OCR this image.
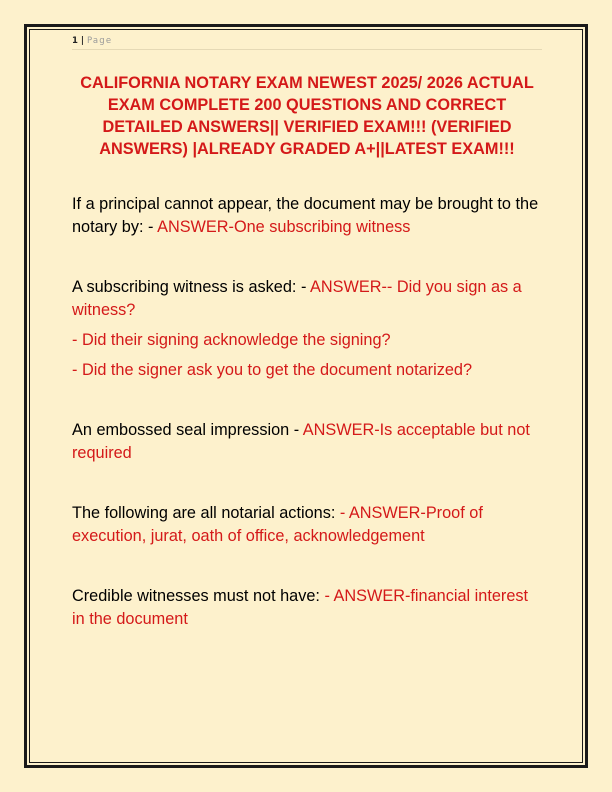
1 | Page
CALIFORNIA NOTARY EXAM NEWEST 2025/ 2026 ACTUAL EXAM COMPLETE 200 QUESTIONS AND CORRECT DETAILED ANSWERS|| VERIFIED EXAM!!! (VERIFIED ANSWERS) |ALREADY GRADED A+||LATEST EXAM!!!

If a principal cannot appear, the document may be brought to the notary by: - ANSWER-One subscribing witness

A subscribing witness is asked: - ANSWER-- Did you sign as a witness?

- Did their signing acknowledge the signing?

- Did the signer ask you to get the document notarized?

An embossed seal impression - ANSWER-Is acceptable but not required

The following are all notarial actions: - ANSWER-Proof of execution, jurat, oath of office, acknowledgement

Credible witnesses must not have: - ANSWER-financial interest in the document
